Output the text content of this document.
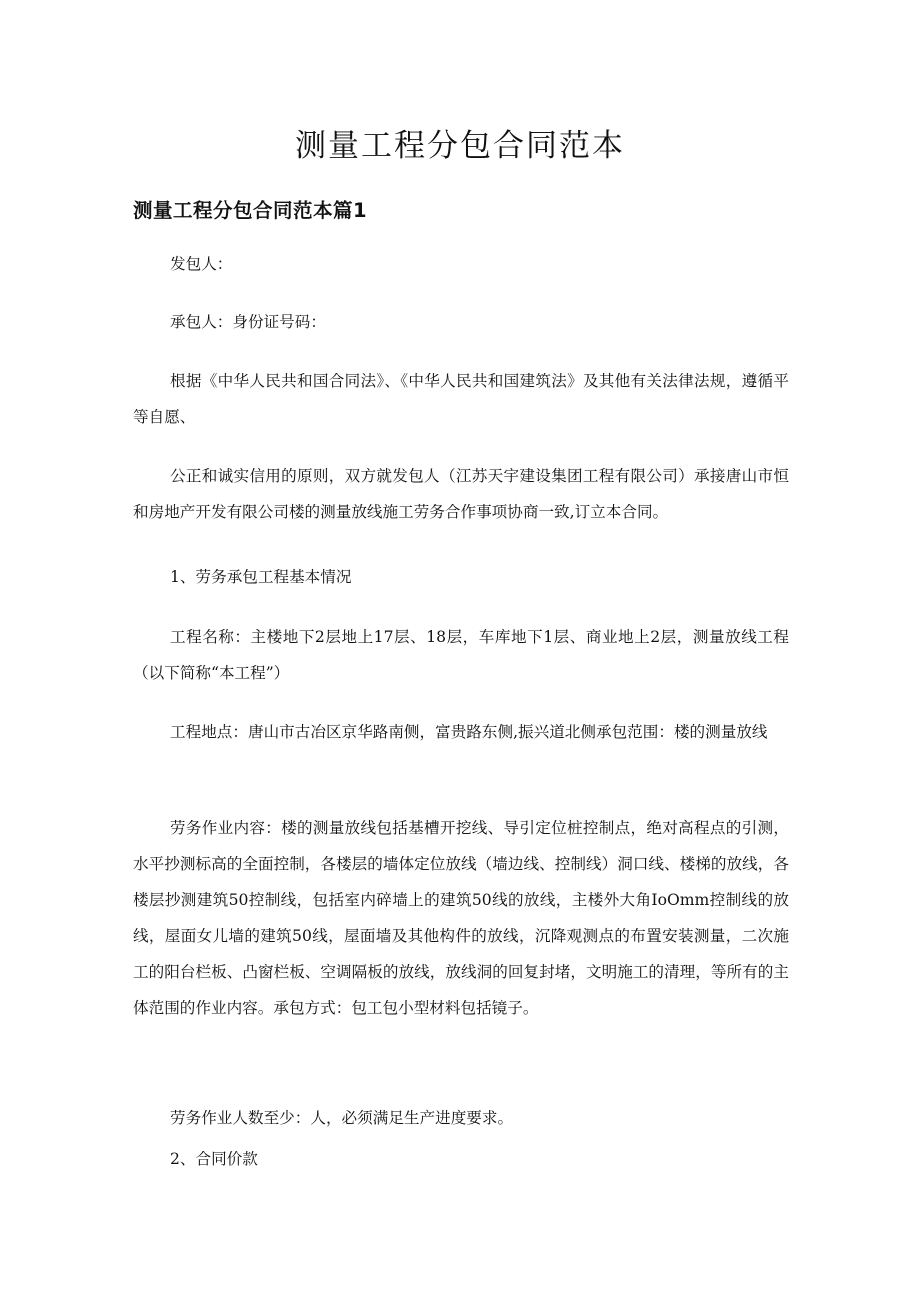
测量工程分包合同范本
测量工程分包合同范本篇1

发包人：

承包人：身份证号码：

根据《中华人民共和国合同法》、《中华人民共和国建筑法》及其他有关法律法规，遵循平等自愿、

公正和诚实信用的原则，双方就发包人（江苏天宇建设集团工程有限公司）承接唐山市恒和房地产开发有限公司楼的测量放线施工劳务合作事项协商一致,订立本合同。

1、劳务承包工程基本情况

工程名称：主楼地下2层地上17层、18层，车库地下1层、商业地上2层，测量放线工程（以下简称“本工程”）

工程地点：唐山市古冶区京华路南侧，富贵路东侧,振兴道北侧承包范围：楼的测量放线

劳务作业内容：楼的测量放线包括基槽开挖线、导引定位桩控制点，绝对高程点的引测，水平抄测标高的全面控制，各楼层的墙体定位放线（墙边线、控制线）洞口线、楼梯的放线，各楼层抄测建筑50控制线，包括室内碎墙上的建筑50线的放线，主楼外大角IoOmm控制线的放线，屋面女儿墙的建筑50线，屋面墙及其他构件的放线，沉降观测点的布置安装测量，二次施工的阳台栏板、凸窗栏板、空调隔板的放线，放线洞的回复封堵，文明施工的清理，等所有的主体范围的作业内容。承包方式：包工包小型材料包括镜子。

劳务作业人数至少：人，必须满足生产进度要求。

2、合同价款
